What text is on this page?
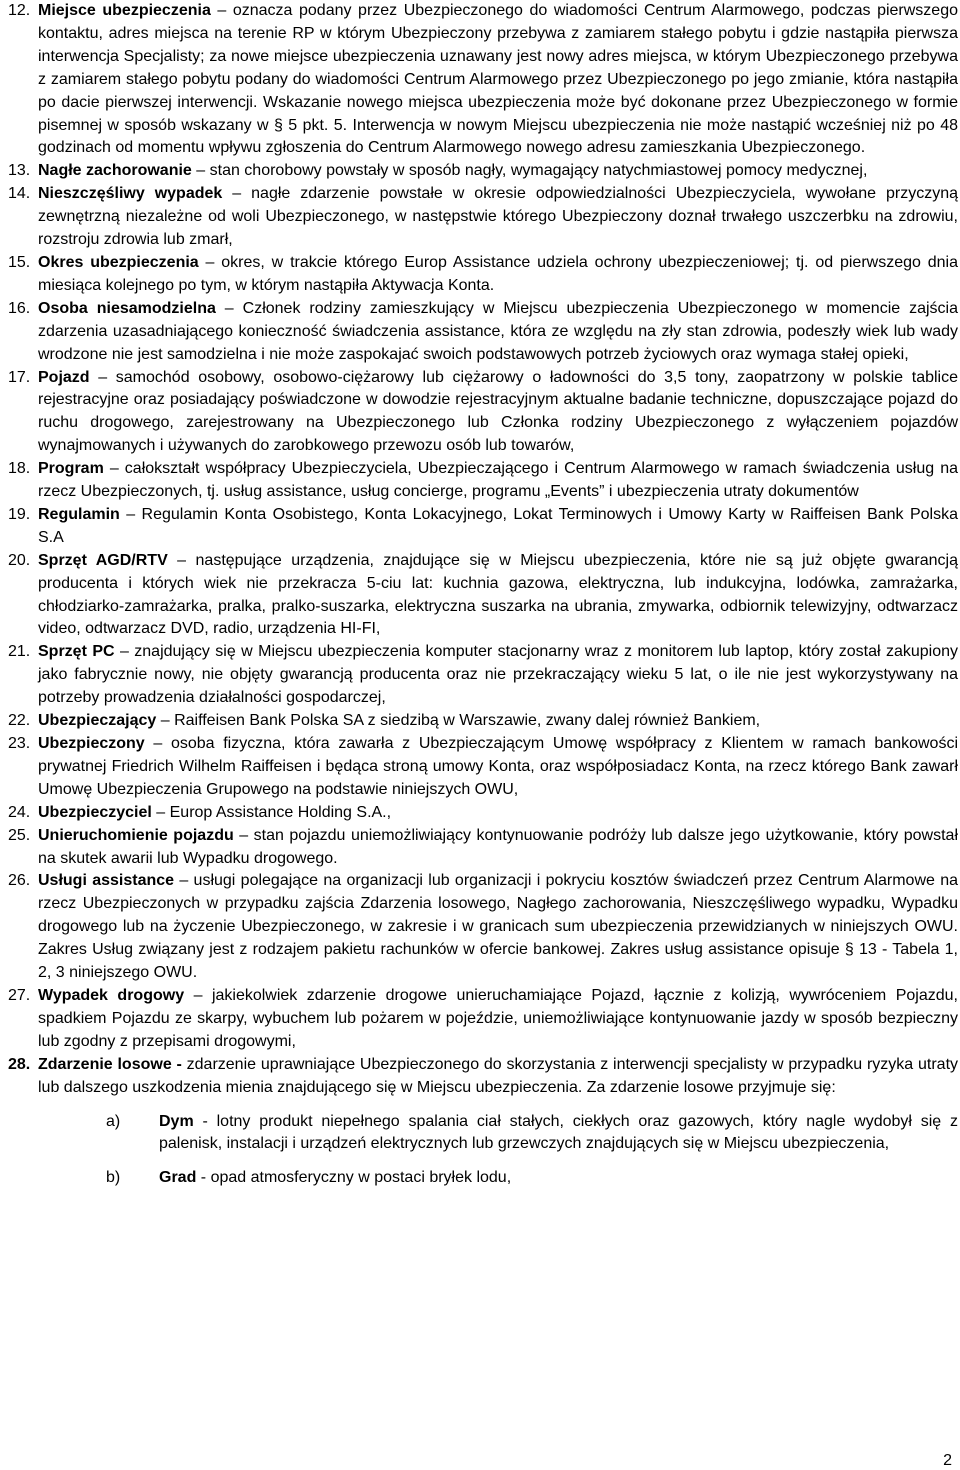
12. Miejsce ubezpieczenia – oznacza podany przez Ubezpieczonego do wiadomości Centrum Alarmowego, podczas pierwszego kontaktu, adres miejsca na terenie RP w którym Ubezpieczony przebywa z zamiarem stałego pobytu i gdzie nastąpiła pierwsza interwencja Specjalisty; za nowe miejsce ubezpieczenia uznawany jest nowy adres miejsca, w którym Ubezpieczonego przebywa z zamiarem stałego pobytu podany do wiadomości Centrum Alarmowego przez Ubezpieczonego po jego zmianie, która nastąpiła po dacie pierwszej interwencji. Wskazanie nowego miejsca ubezpieczenia może być dokonane przez Ubezpieczonego w formie pisemnej w sposób wskazany w § 5 pkt. 5. Interwencja w nowym Miejscu ubezpieczenia nie może nastąpić wcześniej niż po 48 godzinach od momentu wpływu zgłoszenia do Centrum Alarmowego nowego adresu zamieszkania Ubezpieczonego.
13. Nagłe zachorowanie – stan chorobowy powstały w sposób nagły, wymagający natychmiastowej pomocy medycznej,
14. Nieszczęśliwy wypadek – nagłe zdarzenie powstałe w okresie odpowiedzialności Ubezpieczyciela, wywołane przyczyną zewnętrzną niezależne od woli Ubezpieczonego, w następstwie którego Ubezpieczony doznał trwałego uszczerbku na zdrowiu, rozstroju zdrowia lub zmarł,
15. Okres ubezpieczenia – okres, w trakcie którego Europ Assistance udziela ochrony ubezpieczeniowej; tj. od pierwszego dnia miesiąca kolejnego po tym, w którym nastąpiła Aktywacja Konta.
16. Osoba niesamodzielna – Członek rodziny zamieszkujący w Miejscu ubezpieczenia Ubezpieczonego w momencie zajścia zdarzenia uzasadniającego konieczność świadczenia assistance, która ze względu na zły stan zdrowia, podeszły wiek lub wady wrodzone nie jest samodzielna i nie może zaspokajać swoich podstawowych potrzeb życiowych oraz wymaga stałej opieki,
17. Pojazd – samochód osobowy, osobowo-ciężarowy lub ciężarowy o ładowności do 3,5 tony, zaopatrzony w polskie tablice rejestracyjne oraz posiadający poświadczone w dowodzie rejestracyjnym aktualne badanie techniczne, dopuszczające pojazd do ruchu drogowego, zarejestrowany na Ubezpieczonego lub Członka rodziny Ubezpieczonego z wyłączeniem pojazdów wynajmowanych i używanych do zarobkowego przewozu osób lub towarów,
18. Program – całokształt współpracy Ubezpieczyciela, Ubezpieczającego i Centrum Alarmowego w ramach świadczenia usług na rzecz Ubezpieczonych, tj. usług assistance, usług concierge, programu „Events” i ubezpieczenia utraty dokumentów
19. Regulamin – Regulamin Konta Osobistego, Konta Lokacyjnego, Lokat Terminowych i Umowy Karty w Raiffeisen Bank Polska S.A
20. Sprzęt AGD/RTV – następujące urządzenia, znajdujące się w Miejscu ubezpieczenia, które nie są już objęte gwarancją producenta i których wiek nie przekracza 5-ciu lat: kuchnia gazowa, elektryczna, lub indukcyjna, lodówka, zamrażarka, chłodziarko-zamrażarka, pralka, pralko-suszarka, elektryczna suszarka na ubrania, zmywarka, odbiornik telewizyjny, odtwarzacz video, odtwarzacz DVD, radio, urządzenia HI-FI,
21. Sprzęt PC – znajdujący się w Miejscu ubezpieczenia komputer stacjonarny wraz z monitorem lub laptop, który został zakupiony jako fabrycznie nowy, nie objęty gwarancją producenta oraz nie przekraczający wieku 5 lat, o ile nie jest wykorzystywany na potrzeby prowadzenia działalności gospodarczej,
22. Ubezpieczający – Raiffeisen Bank Polska SA z siedzibą w Warszawie, zwany dalej również Bankiem,
23. Ubezpieczony – osoba fizyczna, która zawarła z Ubezpieczającym Umowę współpracy z Klientem w ramach bankowości prywatnej Friedrich Wilhelm Raiffeisen i będąca stroną umowy Konta, oraz współposiadacz Konta, na rzecz którego Bank zawarł Umowę Ubezpieczenia Grupowego na podstawie niniejszych OWU,
24. Ubezpieczyciel – Europ Assistance Holding S.A.,
25. Unieruchomienie pojazdu – stan pojazdu uniemożliwiający kontynuowanie podróży lub dalsze jego użytkowanie, który powstał na skutek awarii lub Wypadku drogowego.
26. Usługi assistance – usługi polegające na organizacji lub organizacji i pokryciu kosztów świadczeń przez Centrum Alarmowe na rzecz Ubezpieczonych w przypadku zajścia Zdarzenia losowego, Nagłego zachorowania, Nieszczęśliwego wypadku, Wypadku drogowego lub na życzenie Ubezpieczonego, w zakresie i w granicach sum ubezpieczenia przewidzianych w niniejszych OWU. Zakres Usług związany jest z rodzajem pakietu rachunków w ofercie bankowej. Zakres usług assistance opisuje § 13 - Tabela 1, 2, 3 niniejszego OWU.
27. Wypadek drogowy – jakiekolwiek zdarzenie drogowe unieruchamiające Pojazd, łącznie z kolizją, wywróceniem Pojazdu, spadkiem Pojazdu ze skarpy, wybuchem lub pożarem w pojeździe, uniemożliwiające kontynuowanie jazdy w sposób bezpieczny lub zgodny z przepisami drogowymi,
28. Zdarzenie losowe - zdarzenie uprawniające Ubezpieczonego do skorzystania z interwencji specjalisty w przypadku ryzyka utraty lub dalszego uszkodzenia mienia znajdującego się w Miejscu ubezpieczenia. Za zdarzenie losowe przyjmuje się:
a)	Dym - lotny produkt niepełnego spalania ciał stałych, ciekłych oraz gazowych, który nagle wydobył się z palenisk, instalacji i urządzeń elektrycznych lub grzewczych znajdujących się w Miejscu ubezpieczenia,
b)	Grad - opad atmosferyczny w postaci bryłek lodu,
2
